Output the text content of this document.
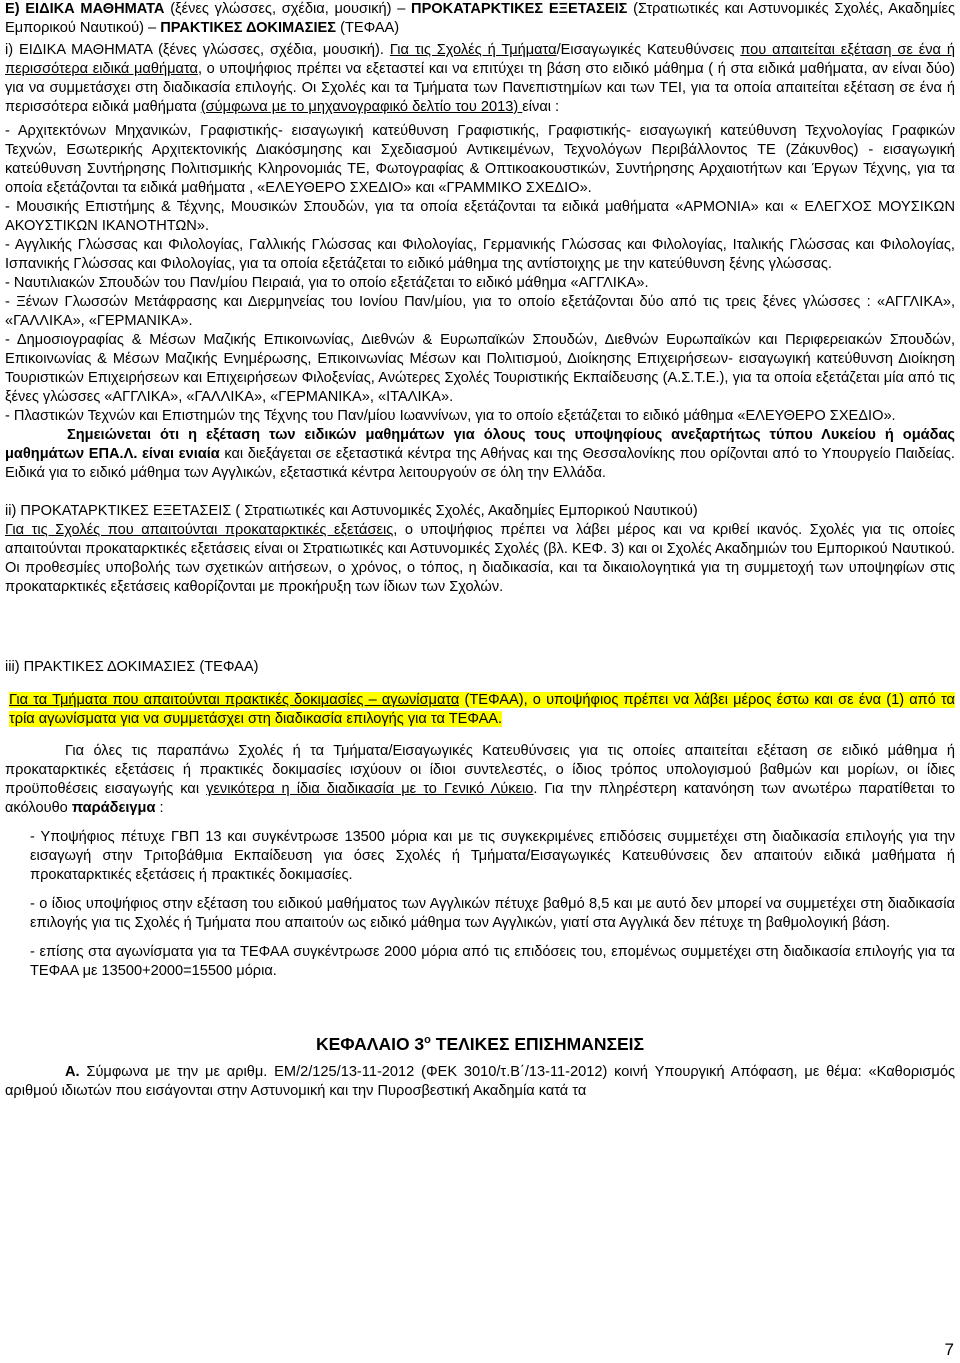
Ε) ΕΙΔΙΚΑ ΜΑΘΗΜΑΤΑ (ξένες γλώσσες, σχέδια, μουσική) – ΠΡΟΚΑΤΑΡΚΤΙΚΕΣ ΕΞΕΤΑΣΕΙΣ (Στρατιωτικές και Αστυνομικές Σχολές, Ακαδημίες Εμπορικού Ναυτικού) – ΠΡΑΚΤΙΚΕΣ ΔΟΚΙΜΑΣΙΕΣ (ΤΕΦΑΑ)

i) ΕΙΔΙΚΑ ΜΑΘΗΜΑΤΑ (ξένες γλώσσες, σχέδια, μουσική). Για τις Σχολές ή Τμήματα/Εισαγωγικές Κατευθύνσεις που απαιτείται εξέταση σε ένα ή περισσότερα ειδικά μαθήματα, ο υποψήφιος πρέπει να εξεταστεί και να επιτύχει τη βάση στο ειδικό μάθημα ( ή στα ειδικά μαθήματα, αν είναι δύο) για να συμμετάσχει στη διαδικασία επιλογής. Οι Σχολές και τα Τμήματα των Πανεπιστημίων και των ΤΕΙ, για τα οποία απαιτείται εξέταση σε ένα ή περισσότερα ειδικά μαθήματα (σύμφωνα με το μηχανογραφικό δελτίο του 2013) είναι :

- Αρχιτεκτόνων Μηχανικών, Γραφιστικής- εισαγωγική κατεύθυνση Γραφιστικής, Γραφιστικής- εισαγωγική κατεύθυνση Τεχνολογίας Γραφικών Τεχνών, Εσωτερικής Αρχιτεκτονικής Διακόσμησης και Σχεδιασμού Αντικειμένων, Τεχνολόγων Περιβάλλοντος ΤΕ (Ζάκυνθος) - εισαγωγική κατεύθυνση Συντήρησης Πολιτισμικής Κληρονομιάς ΤΕ, Φωτογραφίας & Οπτικοακουστικών, Συντήρησης Αρχαιοτήτων και Έργων Τέχνης, για τα οποία εξετάζονται τα ειδικά μαθήματα , «ΕΛΕΥΘΕΡΟ ΣΧΕΔΙΟ» και «ΓΡΑΜΜΙΚΟ ΣΧΕΔΙΟ».

- Μουσικής Επιστήμης & Τέχνης, Μουσικών Σπουδών, για τα οποία εξετάζονται τα ειδικά μαθήματα «ΑΡΜΟΝΙΑ» και « ΕΛΕΓΧΟΣ ΜΟΥΣΙΚΩΝ ΑΚΟΥΣΤΙΚΩΝ ΙΚΑΝΟΤΗΤΩΝ».

- Αγγλικής Γλώσσας και Φιλολογίας, Γαλλικής Γλώσσας και Φιλολογίας, Γερμανικής Γλώσσας και Φιλολογίας, Ιταλικής Γλώσσας και Φιλολογίας, Ισπανικής Γλώσσας και Φιλολογίας, για τα οποία εξετάζεται το ειδικό μάθημα της αντίστοιχης με την κατεύθυνση ξένης γλώσσας.

- Ναυτιλιακών Σπουδών του Παν/μίου Πειραιά, για το οποίο εξετάζεται το ειδικό μάθημα «ΑΓΓΛΙΚΑ».

- Ξένων Γλωσσών Μετάφρασης και Διερμηνείας του Ιονίου Παν/μίου, για το οποίο εξετάζονται δύο από τις τρεις ξένες γλώσσες : «ΑΓΓΛΙΚΑ», «ΓΑΛΛΙΚΑ», «ΓΕΡΜΑΝΙΚΑ».

- Δημοσιογραφίας & Μέσων Μαζικής Επικοινωνίας, Διεθνών & Ευρωπαϊκών Σπουδών, Διεθνών Ευρωπαϊκών και Περιφερειακών Σπουδών, Επικοινωνίας & Μέσων Μαζικής Ενημέρωσης, Επικοινωνίας Μέσων και Πολιτισμού, Διοίκησης Επιχειρήσεων- εισαγωγική κατεύθυνση Διοίκηση Τουριστικών Επιχειρήσεων και Επιχειρήσεων Φιλοξενίας, Ανώτερες Σχολές Τουριστικής Εκπαίδευσης (Α.Σ.Τ.Ε.), για τα οποία εξετάζεται μία από τις ξένες γλώσσες «ΑΓΓΛΙΚΑ», «ΓΑΛΛΙΚΑ», «ΓΕΡΜΑΝΙΚΑ», «ΙΤΑΛΙΚΑ».

- Πλαστικών Τεχνών και Επιστημών της Τέχνης του Παν/μίου Ιωαννίνων, για το οποίο εξετάζεται το ειδικό μάθημα «ΕΛΕΥΘΕΡΟ ΣΧΕΔΙΟ».

Σημειώνεται ότι η εξέταση των ειδικών μαθημάτων για όλους τους υποψηφίους ανεξαρτήτως τύπου Λυκείου ή ομάδας μαθημάτων ΕΠΑ.Λ. είναι ενιαία και διεξάγεται σε εξεταστικά κέντρα της Αθήνας και της Θεσσαλονίκης που ορίζονται από το Υπουργείο Παιδείας. Ειδικά για το ειδικό μάθημα των Αγγλικών, εξεταστικά κέντρα λειτουργούν σε όλη την Ελλάδα.

ii) ΠΡΟΚΑΤΑΡΚΤΙΚΕΣ ΕΞΕΤΑΣΕΙΣ ( Στρατιωτικές και Αστυνομικές Σχολές, Ακαδημίες Εμπορικού Ναυτικού)

Για τις Σχολές που απαιτούνται προκαταρκτικές εξετάσεις, ο υποψήφιος πρέπει να λάβει μέρος και να κριθεί ικανός. Σχολές για τις οποίες απαιτούνται προκαταρκτικές εξετάσεις είναι οι Στρατιωτικές και Αστυνομικές Σχολές (βλ. ΚΕΦ. 3) και οι Σχολές Ακαδημιών του Εμπορικού Ναυτικού. Οι προθεσμίες υποβολής των σχετικών αιτήσεων, ο χρόνος, ο τόπος, η διαδικασία, και τα δικαιολογητικά για τη συμμετοχή των υποψηφίων στις προκαταρκτικές εξετάσεις καθορίζονται με προκήρυξη των ίδιων των Σχολών.

iii) ΠΡΑΚΤΙΚΕΣ ΔΟΚΙΜΑΣΙΕΣ (ΤΕΦΑΑ)

Για τα Τμήματα που απαιτούνται πρακτικές δοκιμασίες – αγωνίσματα (ΤΕΦΑΑ), ο υποψήφιος πρέπει να λάβει μέρος έστω και σε ένα (1) από τα τρία αγωνίσματα για να συμμετάσχει στη διαδικασία επιλογής για τα ΤΕΦΑΑ.

Για όλες τις παραπάνω Σχολές ή τα Τμήματα/Εισαγωγικές Κατευθύνσεις για τις οποίες απαιτείται εξέταση σε ειδικό μάθημα ή προκαταρκτικές εξετάσεις ή πρακτικές δοκιμασίες ισχύουν οι ίδιοι συντελεστές, ο ίδιος τρόπος υπολογισμού βαθμών και μορίων, οι ίδιες προϋποθέσεις εισαγωγής και γενικότερα η ίδια διαδικασία με το Γενικό Λύκειο. Για την πληρέστερη κατανόηση των ανωτέρω παρατίθεται το ακόλουθο παράδειγμα :

- Υποψήφιος πέτυχε ΓΒΠ 13 και συγκέντρωσε 13500 μόρια και με τις συγκεκριμένες επιδόσεις συμμετέχει στη διαδικασία επιλογής για την εισαγωγή στην Τριτοβάθμια Εκπαίδευση για όσες Σχολές ή Τμήματα/Εισαγωγικές Κατευθύνσεις δεν απαιτούν ειδικά μαθήματα ή προκαταρκτικές εξετάσεις ή πρακτικές δοκιμασίες.

- ο ίδιος υποψήφιος στην εξέταση του ειδικού μαθήματος των Αγγλικών πέτυχε βαθμό 8,5 και με αυτό δεν μπορεί να συμμετέχει στη διαδικασία επιλογής για τις Σχολές ή Τμήματα που απαιτούν ως ειδικό μάθημα των Αγγλικών, γιατί στα Αγγλικά δεν πέτυχε τη βαθμολογική βάση.

- επίσης στα αγωνίσματα για τα ΤΕΦΑΑ συγκέντρωσε 2000 μόρια από τις επιδόσεις του, επομένως συμμετέχει στη διαδικασία επιλογής για τα ΤΕΦΑΑ με 13500+2000=15500 μόρια.

ΚΕΦΑΛΑΙΟ $3^o$ ΤΕΛΙΚΕΣ ΕΠΙΣΗΜΑΝΣΕΙΣ

Α. Σύμφωνα με την με αριθμ. ΕΜ/2/125/13-11-2012 (ΦΕΚ 3010/τ.Β΄/13-11-2012) κοινή Υπουργική Απόφαση, με θέμα: «Καθορισμός αριθμού ιδιωτών που εισάγονται στην Αστυνομική και την Πυροσβεστική Ακαδημία κατά τα

7
